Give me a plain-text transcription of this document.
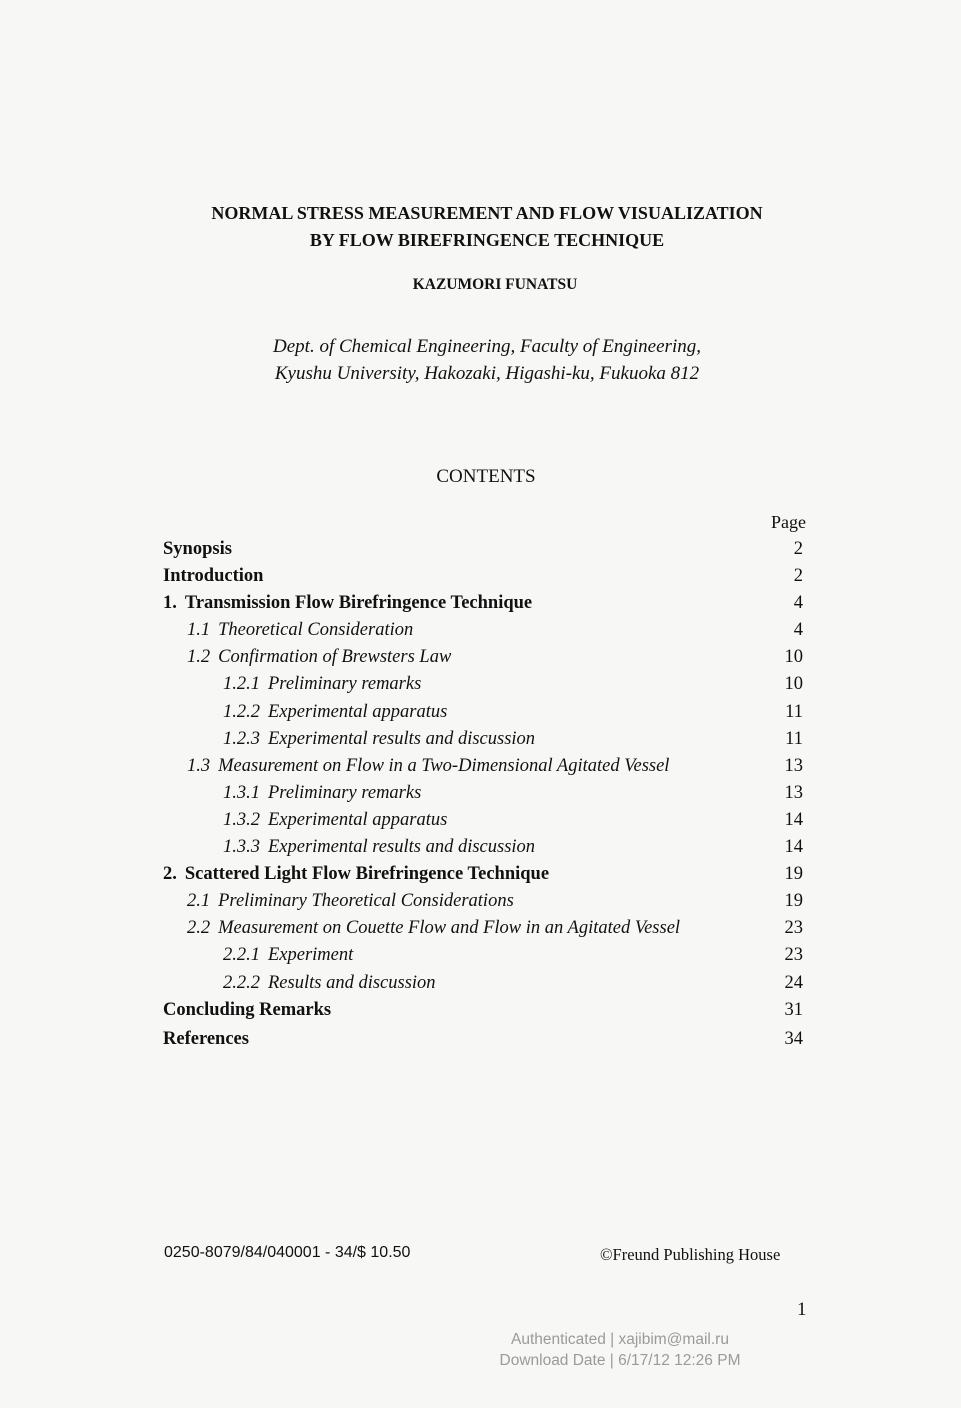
NORMAL STRESS MEASUREMENT AND FLOW VISUALIZATION
BY FLOW BIREFRINGENCE TECHNIQUE
KAZUMORI FUNATSU
Dept. of Chemical Engineering, Faculty of Engineering,
Kyushu University, Hakozaki, Higashi-ku, Fukuoka 812
CONTENTS
Page
Synopsis	2
Introduction	2
1. Transmission Flow Birefringence Technique	4
1.1 Theoretical Consideration	4
1.2 Confirmation of Brewsters Law	10
1.2.1 Preliminary remarks	10
1.2.2 Experimental apparatus	11
1.2.3 Experimental results and discussion	11
1.3 Measurement on Flow in a Two-Dimensional Agitated Vessel	13
1.3.1 Preliminary remarks	13
1.3.2 Experimental apparatus	14
1.3.3 Experimental results and discussion	14
2. Scattered Light Flow Birefringence Technique	19
2.1 Preliminary Theoretical Considerations	19
2.2 Measurement on Couette Flow and Flow in an Agitated Vessel	23
2.2.1 Experiment	23
2.2.2 Results and discussion	24
Concluding Remarks	31
References	34
0250-8079/84/040001 - 34/$ 10.50	©Freund Publishing House
1
Authenticated | xajibim@mail.ru
Download Date | 6/17/12 12:26 PM
